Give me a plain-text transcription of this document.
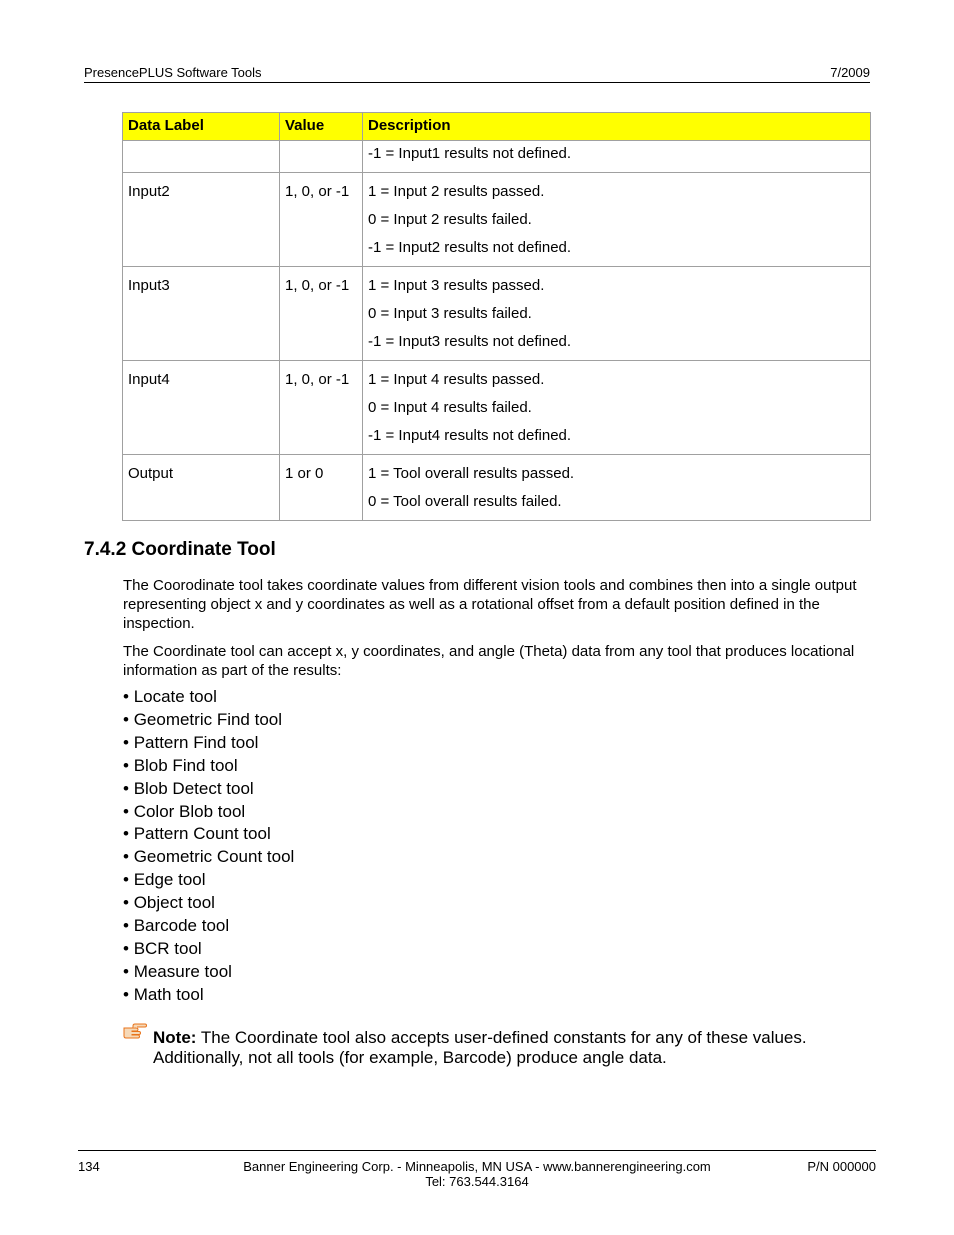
PresencePLUS Software Tools	7/2009
Data Label	Value	Description

		-1 = Input1 results not defined.

Input2	1, 0, or -1	1 = Input 2 results passed.

0 = Input 2 results failed.

-1 = Input2 results not defined.

Input3	1, 0, or -1	1 = Input 3 results passed.

0 = Input 3 results failed.

-1 = Input3 results not defined.

Input4	1, 0, or -1	1 = Input 4 results passed.

0 = Input 4 results failed.

-1 = Input4 results not defined.

Output	1 or 0	1 = Tool overall results passed.

0 = Tool overall results failed.

7.4.2 Coordinate Tool

The Coorodinate tool takes coordinate values from different vision tools and combines then into a single output representing object x and y coordinates as well as a rotational offset from a default position defined in the inspection.

The Coordinate tool can accept x, y coordinates, and angle (Theta) data from any tool that produces locational information as part of the results:

• Locate tool
• Geometric Find tool
• Pattern Find tool
• Blob Find tool
• Blob Detect tool
• Color Blob tool
• Pattern Count tool
• Geometric Count tool
• Edge tool
• Object tool
• Barcode tool
• BCR tool
• Measure tool
• Math tool

Note: The Coordinate tool also accepts user-defined constants for any of these values. Additionally, not all tools (for example, Barcode) produce angle data.

134	Banner Engineering Corp. - Minneapolis, MN USA - www.bannerengineering.com
Tel: 763.544.3164
P/N 000000
